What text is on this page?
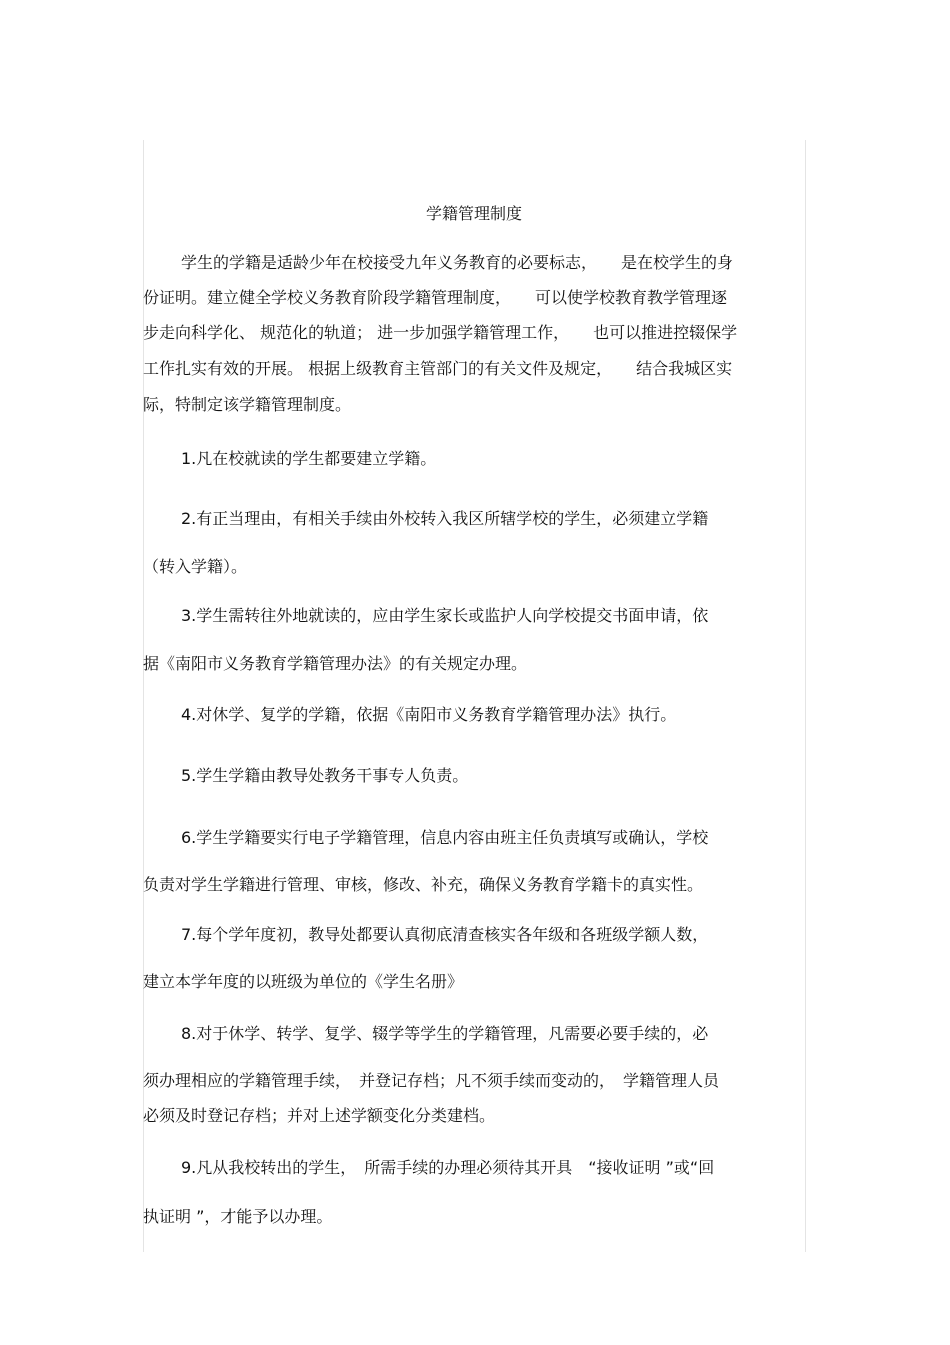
学籍管理制度
学生的学籍是适龄少年在校接受九年义务教育的必要标志，　　是在校学生的身
份证明。建立健全学校义务教育阶段学籍管理制度，　　可以使学校教育教学管理逐
步走向科学化、 规范化的轨道； 进一步加强学籍管理工作，　　也可以推进控辍保学
工作扎实有效的开展。 根据上级教育主管部门的有关文件及规定，　　结合我城区实
际，特制定该学籍管理制度。
1.凡在校就读的学生都要建立学籍。
2.有正当理由，有相关手续由外校转入我区所辖学校的学生，必须建立学籍
（转入学籍）。
3.学生需转往外地就读的，应由学生家长或监护人向学校提交书面申请，依
据《南阳市义务教育学籍管理办法》的有关规定办理。
4.对休学、复学的学籍，依据《南阳市义务教育学籍管理办法》执行。
5.学生学籍由教导处教务干事专人负责。
6.学生学籍要实行电子学籍管理，信息内容由班主任负责填写或确认，学校
负责对学生学籍进行管理、审核，修改、补充，确保义务教育学籍卡的真实性。
7.每个学年度初，教导处都要认真彻底清查核实各年级和各班级学额人数，
建立本学年度的以班级为单位的《学生名册》
8.对于休学、转学、复学、辍学等学生的学籍管理，凡需要必要手续的，必
须办理相应的学籍管理手续，　并登记存档；凡不须手续而变动的，　学籍管理人员
必须及时登记存档；并对上述学额变化分类建档。
9.凡从我校转出的学生，　所需手续的办理必须待其开具　“接收证明 ”或“回
执证明 ”，才能予以办理。
